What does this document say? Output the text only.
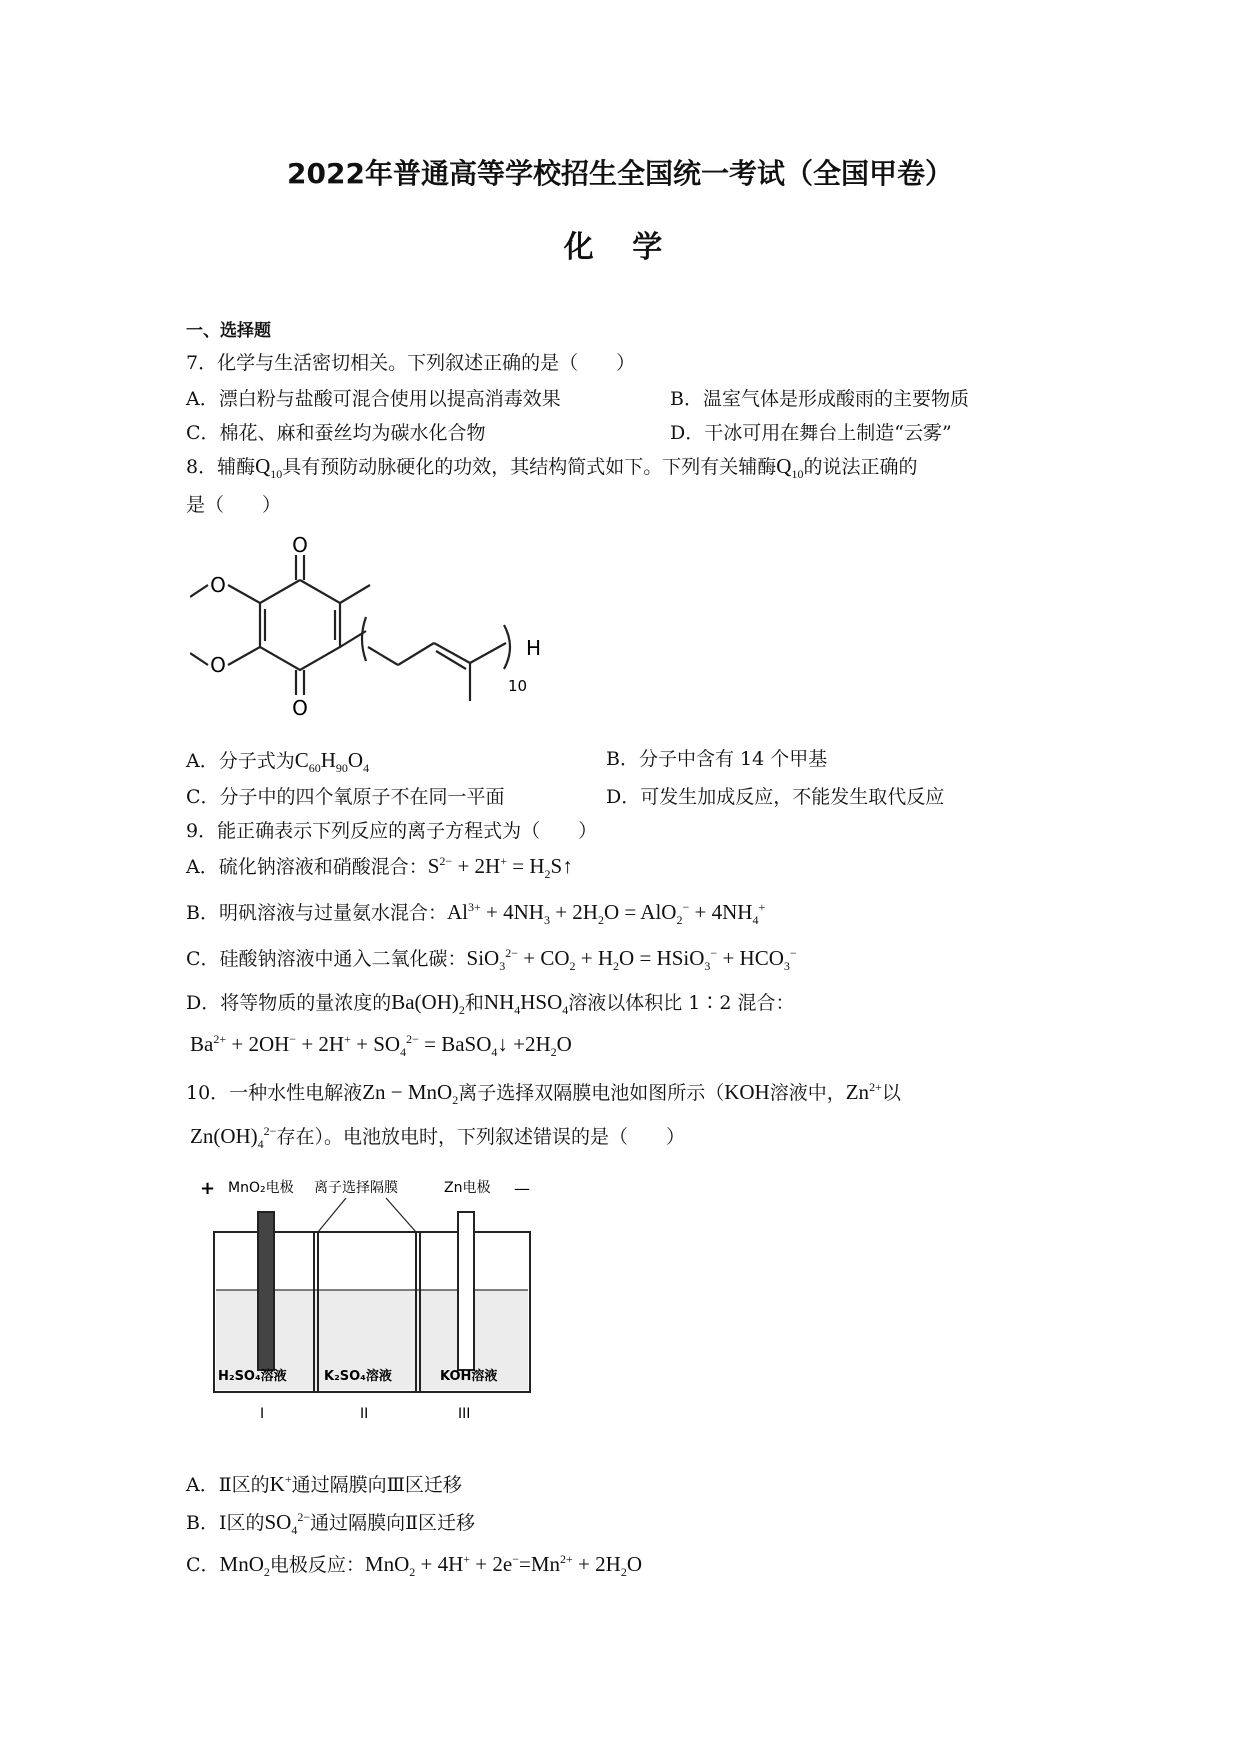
2022年普通高等学校招生全国统一考试（全国甲卷）
化 学
一、选择题
7．化学与生活密切相关。下列叙述正确的是（　　）
A．漂白粉与盐酸可混合使用以提高消毒效果	B．温室气体是形成酸雨的主要物质
C．棉花、麻和蚕丝均为碳水化合物	D．干冰可用在舞台上制造“云雾”
8．辅酶$Q_{10}$具有预防动脉硬化的功效，其结构简式如下。下列有关辅酶$Q_{10}$的说法正确的
是（　　）
O
O
O
O
H
10
A．分子式为$C_{60}H_{90}O_4$	B．分子中含有 14 个甲基
C．分子中的四个氧原子不在同一平面	D．可发生加成反应，不能发生取代反应
9．能正确表示下列反应的离子方程式为（　　）
A．硫化钠溶液和硝酸混合：$S^{2-} + 2H^+$ = $H_2S↑$
B．明矾溶液与过量氨水混合：$Al^{3+} + 4NH_3 + 2H_2O = AlO_2^- + 4NH_4^+$
C．硅酸钠溶液中通入二氧化碳：$SiO_3^{2-} + CO_2 + H_2O$ = HSiO$_3$− + $HCO_3^-$
D．将等物质的量浓度的$Ba(OH)_2$和$NH_4HSO_4$溶液以体积比 1∶2 混合：
$Ba^{2+} + 2OH^- + 2H^+ + SO_4^{2-}$ = BaSO$_4$↓ $+2H_2O$
10．一种水性电解液Zn − MnO$_2$离子选择双隔膜电池如图所示（KOH溶液中，$Zn^{2+}$以
$Zn(OH)_4^{2-}$存在）。电池放电时，下列叙述错误的是（　　）
+ MnO₂电极 离子选择隔膜	Zn电极 —
H₂SO₄溶液	K₂SO₄溶液	KOH溶液
I	II	III
A．Ⅱ区的K+通过隔膜向Ⅲ区迁移
B．Ⅰ区的$SO_4^{2-}$通过隔膜向Ⅱ区迁移
C．MnO$_2$电极反应：$MnO_2 + 4H^+ + 2e^-=Mn^{2+} + 2H_2O$
